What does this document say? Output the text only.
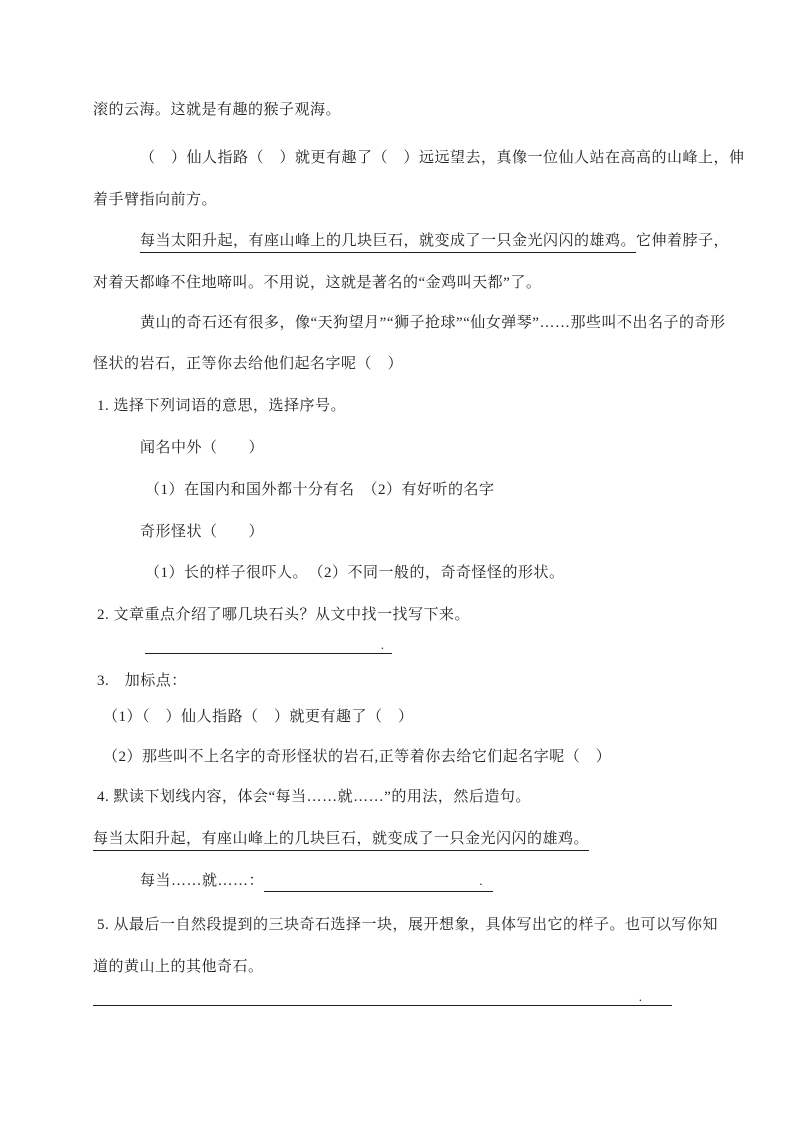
滚的云海。这就是有趣的猴子观海。
（　）仙人指路（　）就更有趣了（　）远远望去，真像一位仙人站在高高的山峰上，伸
着手臂指向前方。
每当太阳升起，有座山峰上的几块巨石，就变成了一只金光闪闪的雄鸡。它伸着脖子，
对着天都峰不住地啼叫。不用说，这就是著名的“金鸡叫天都”了。
黄山的奇石还有很多，像“天狗望月”“狮子抢球”“仙女弹琴”……那些叫不出名子的奇形
怪状的岩石，正等你去给他们起名字呢（　）
1. 选择下列词语的意思，选择序号。
闻名中外（　　）
（1）在国内和国外都十分有名　（2）有好听的名字
奇形怪状（　　）
（1）长的样子很吓人。　（2）不同一般的，奇奇怪怪的形状。
2. 文章重点介绍了哪几块石头？从文中找一找写下来。
.
3.　加标点：
（1）（　）仙人指路（　）就更有趣了（　）
（2）那些叫不上名字的奇形怪状的岩石,正等着你去给它们起名字呢（　）
4. 默读下划线内容，体会“每当……就……”的用法，然后造句。
每当太阳升起，有座山峰上的几块巨石，就变成了一只金光闪闪的雄鸡。
每当……就……：	.
5. 从最后一自然段提到的三块奇石选择一块，展开想象，具体写出它的样子。也可以写你知
道的黄山上的其他奇石。
.
